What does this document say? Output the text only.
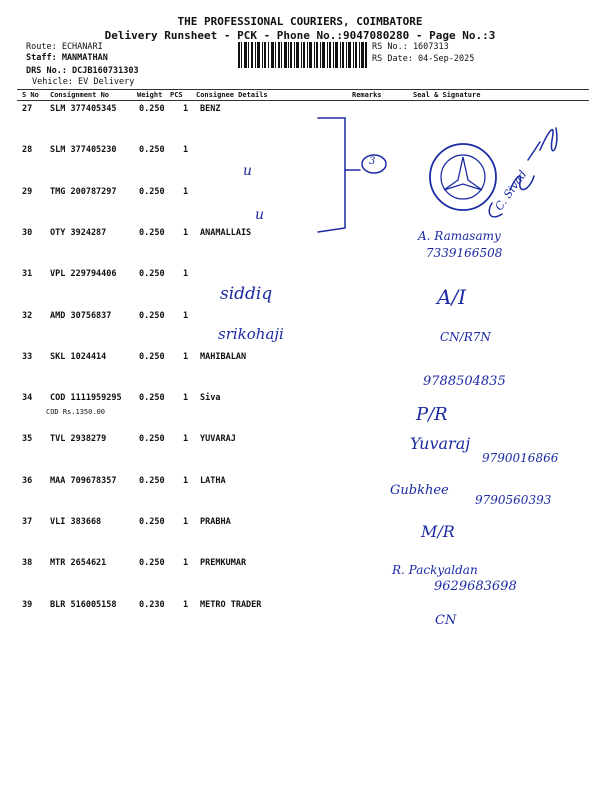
THE PROFESSIONAL COURIERS, COIMBATORE
Delivery Runsheet - PCK - Phone No.:9047080280 - Page No.:3
Route: ECHANARI
Staff: MANMATHAN
DRS No.: DCJB160731303
Vehicle: EV Delivery
RS No.: 1607313
RS Date: 04-Sep-2025
S No Consignment No	Weight PCS Consignee Details	Remarks	Seal & Signature
27 SLM 377405345	0.250 1 BENZ
28 SLM 377405230	0.250 1
29 TMG 200787297	0.250 1
30 OTY 3924287	0.250 1 ANAMALLAIS
31 VPL 229794406	0.250 1
32 AMD 30756837	0.250 1
33 SKL 1024414	0.250 1 MAHIBALAN
34 COD 1111959295 0.250 1 Siva
COD Rs.1350.00
35 TVL 2938279	0.250 1 YUVARAJ
36 MAA 709678357	0.250 1 LATHA
37 VLI 383668	0.250 1 PRABHA
38 MTR 2654621	0.250 1 PREMKUMAR
39 BLR 516005158	0.230 1 METRO TRADER
u
u
3
A. Ramasamy
7339166508
siddiq	A/I
srikohaji	CN/R7N
9788504835
P/R
Yuvaraj
9790016866
Gubkhee
9790560393
M/R
R. Packyaldan
9629683698
CN
C. Sivad
